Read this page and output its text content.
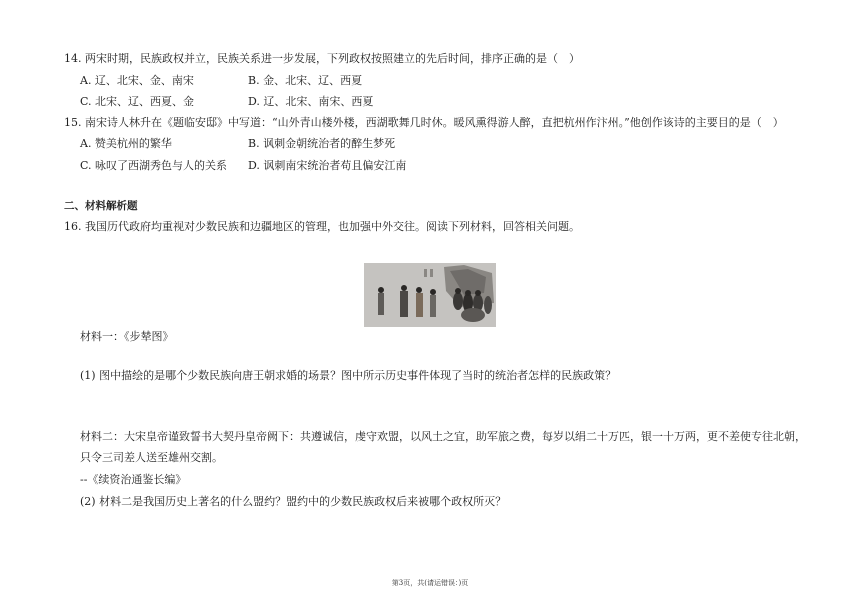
14. 两宋时期，民族政权并立，民族关系进一步发展，下列政权按照建立的先后时间，排序正确的是（　）
A. 辽、北宋、金、南宋	B. 金、北宋、辽、西夏
C. 北宋、辽、西夏、金	D. 辽、北宋、南宋、西夏
15. 南宋诗人林升在《题临安邸》中写道：“山外青山楼外楼，西湖歌舞几时休。暖风熏得游人醉，直把杭州作汴州。”他创作该诗的主要目的是（　）
A. 赞美杭州的繁华	B. 讽刺金朝统治者的醉生梦死
C. 咏叹了西湖秀色与人的关系 D. 讽刺南宋统治者苟且偏安江南
二、材料解析题
16. 我国历代政府均重视对少数民族和边疆地区的管理，也加强中外交往。阅读下列材料，回答相关问题。
材料一：《步辇图》
(1) 图中描绘的是哪个少数民族向唐王朝求婚的场景？图中所示历史事件体现了当时的统治者怎样的民族政策？
材料二：大宋皇帝谨致誓书大契丹皇帝阙下：共遵诚信，虔守欢盟，以风土之宜，助军旅之费，每岁以绢二十万匹，银一十万两，更不差使专往北朝，
只令三司差人送至雄州交割。
--《续资治通鉴长编》
(2) 材料二是我国历史上著名的什么盟约？盟约中的少数民族政权后来被哪个政权所灭？
第3页，共(请运错误：)页
